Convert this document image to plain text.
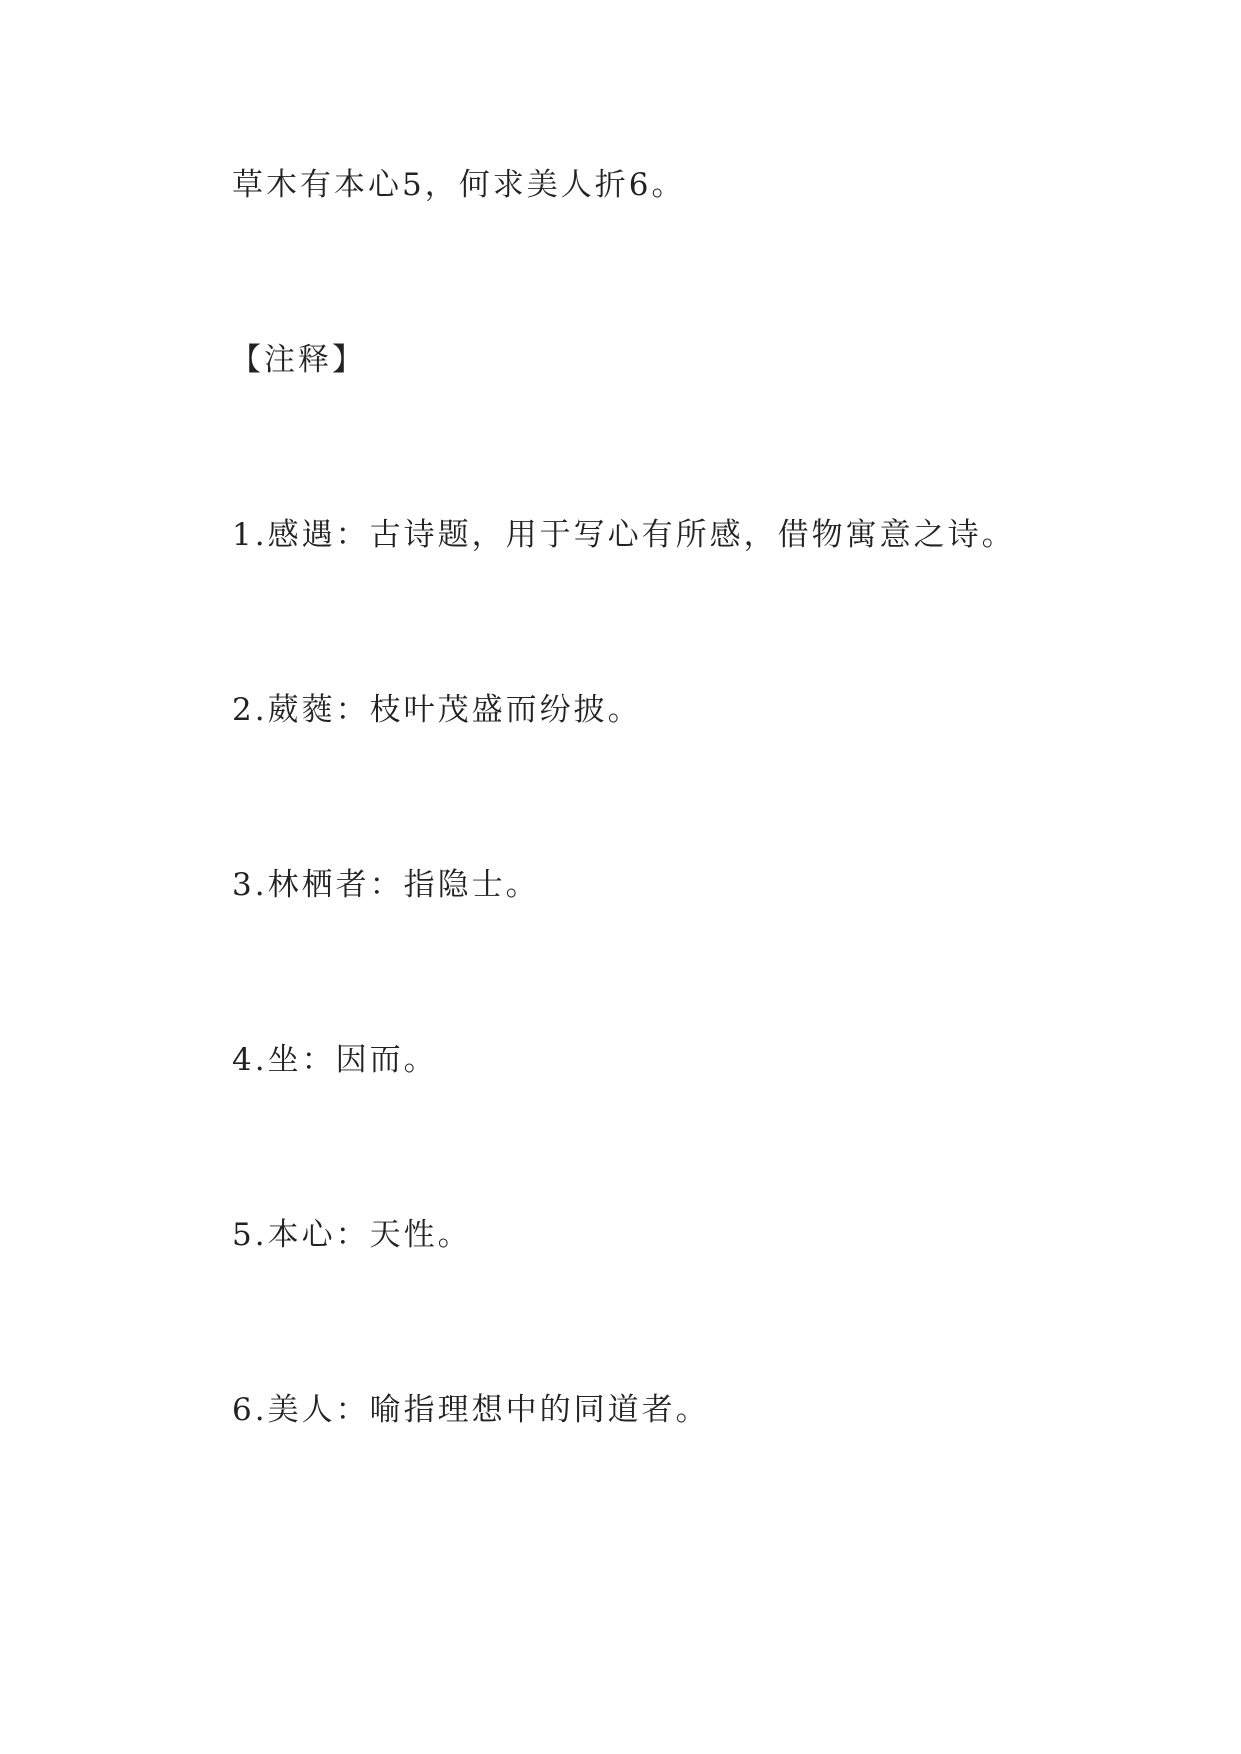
草木有本心5，何求美人折6。
【注释】
1.感遇：古诗题，用于写心有所感，借物寓意之诗。
2.葳蕤：枝叶茂盛而纷披。
3.林栖者：指隐士。
4.坐：因而。
5.本心：天性。
6.美人：喻指理想中的同道者。
